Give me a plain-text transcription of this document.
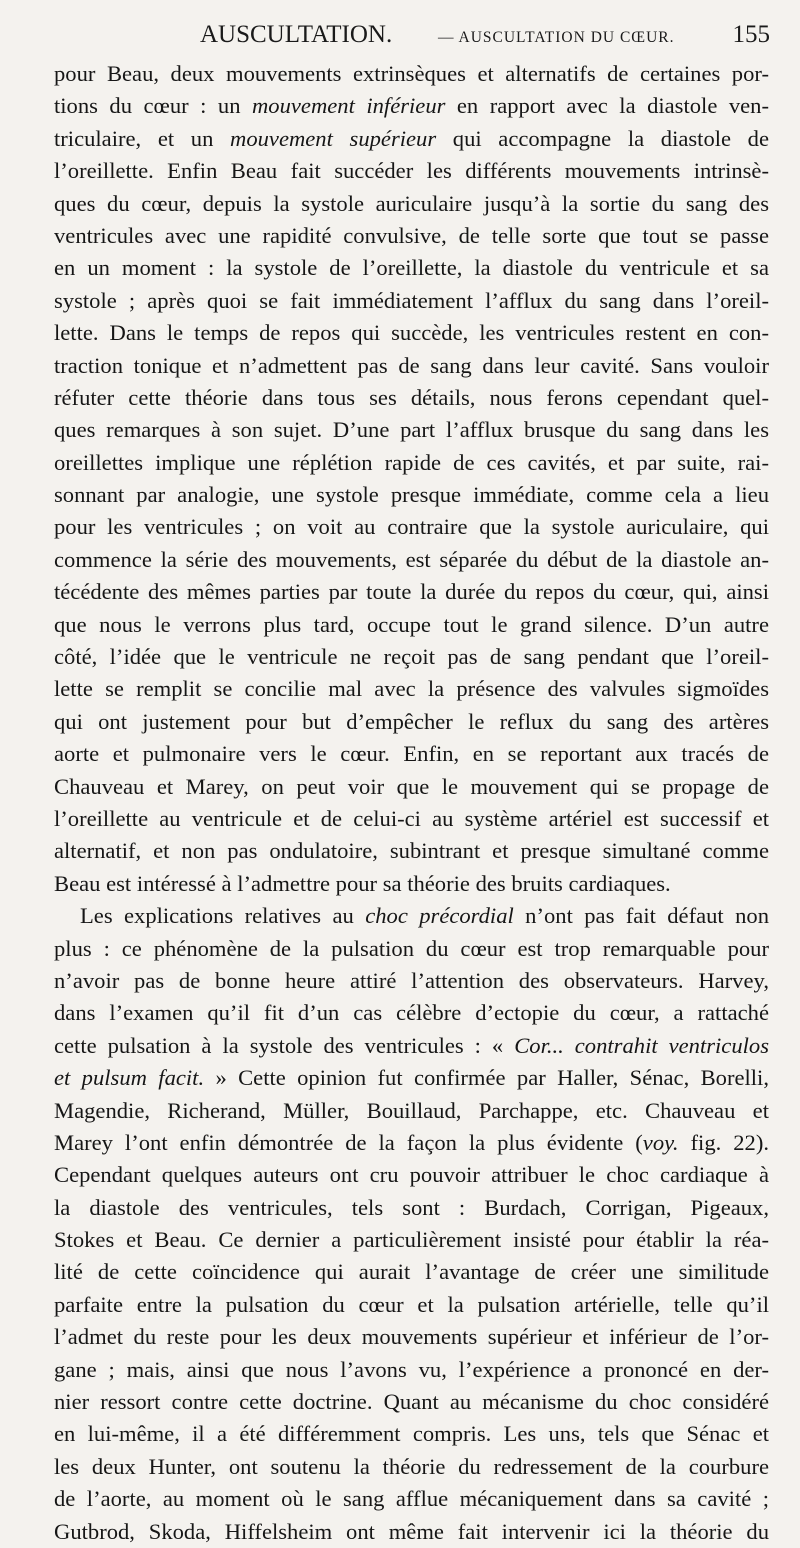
AUSCULTATION.	— AUSCULTATION DU CŒUR. 155
pour Beau, deux mouvements extrinsèques et alternatifs de certaines por-
tions du cœur : un mouvement inférieur en rapport avec la diastole ven-
triculaire, et un mouvement supérieur qui accompagne la diastole de
l’oreillette. Enfin Beau fait succéder les différents mouvements intrinsè-
ques du cœur, depuis la systole auriculaire jusqu’à la sortie du sang des
ventricules avec une rapidité convulsive, de telle sorte que tout se passe
en un moment : la systole de l’oreillette, la diastole du ventricule et sa
systole ; après quoi se fait immédiatement l’afflux du sang dans l’oreil-
lette. Dans le temps de repos qui succède, les ventricules restent en con-
traction tonique et n’admettent pas de sang dans leur cavité. Sans vouloir
réfuter cette théorie dans tous ses détails, nous ferons cependant quel-
ques remarques à son sujet. D’une part l’afflux brusque du sang dans les
oreillettes implique une réplétion rapide de ces cavités, et par suite, rai-
sonnant par analogie, une systole presque immédiate, comme cela a lieu
pour les ventricules ; on voit au contraire que la systole auriculaire, qui
commence la série des mouvements, est séparée du début de la diastole an-
técédente des mêmes parties par toute la durée du repos du cœur, qui, ainsi
que nous le verrons plus tard, occupe tout le grand silence. D’un autre
côté, l’idée que le ventricule ne reçoit pas de sang pendant que l’oreil-
lette se remplit se concilie mal avec la présence des valvules sigmoïdes
qui ont justement pour but d’empêcher le reflux du sang des artères
aorte et pulmonaire vers le cœur. Enfin, en se reportant aux tracés de
Chauveau et Marey, on peut voir que le mouvement qui se propage de
l’oreillette au ventricule et de celui-ci au système artériel est successif et
alternatif, et non pas ondulatoire, subintrant et presque simultané comme
Beau est intéressé à l’admettre pour sa théorie des bruits cardiaques.
Les explications relatives au choc précordial n’ont pas fait défaut non
plus : ce phénomène de la pulsation du cœur est trop remarquable pour
n’avoir pas de bonne heure attiré l’attention des observateurs. Harvey,
dans l’examen qu’il fit d’un cas célèbre d’ectopie du cœur, a rattaché
cette pulsation à la systole des ventricules : « Cor... contrahit ventriculos
et pulsum facit. » Cette opinion fut confirmée par Haller, Sénac, Borelli,
Magendie, Richerand, Müller, Bouillaud, Parchappe, etc. Chauveau et
Marey l’ont enfin démontrée de la façon la plus évidente (voy. fig. 22).
Cependant quelques auteurs ont cru pouvoir attribuer le choc cardiaque à
la diastole des ventricules, tels sont : Burdach, Corrigan, Pigeaux,
Stokes et Beau. Ce dernier a particulièrement insisté pour établir la réa-
lité de cette coïncidence qui aurait l’avantage de créer une similitude
parfaite entre la pulsation du cœur et la pulsation artérielle, telle qu’il
l’admet du reste pour les deux mouvements supérieur et inférieur de l’or-
gane ; mais, ainsi que nous l’avons vu, l’expérience a prononcé en der-
nier ressort contre cette doctrine. Quant au mécanisme du choc considéré
en lui-même, il a été différemment compris. Les uns, tels que Sénac et
les deux Hunter, ont soutenu la théorie du redressement de la courbure
de l’aorte, au moment où le sang afflue mécaniquement dans sa cavité ;
Gutbrod, Skoda, Hiffelsheim ont même fait intervenir ici la théorie du
